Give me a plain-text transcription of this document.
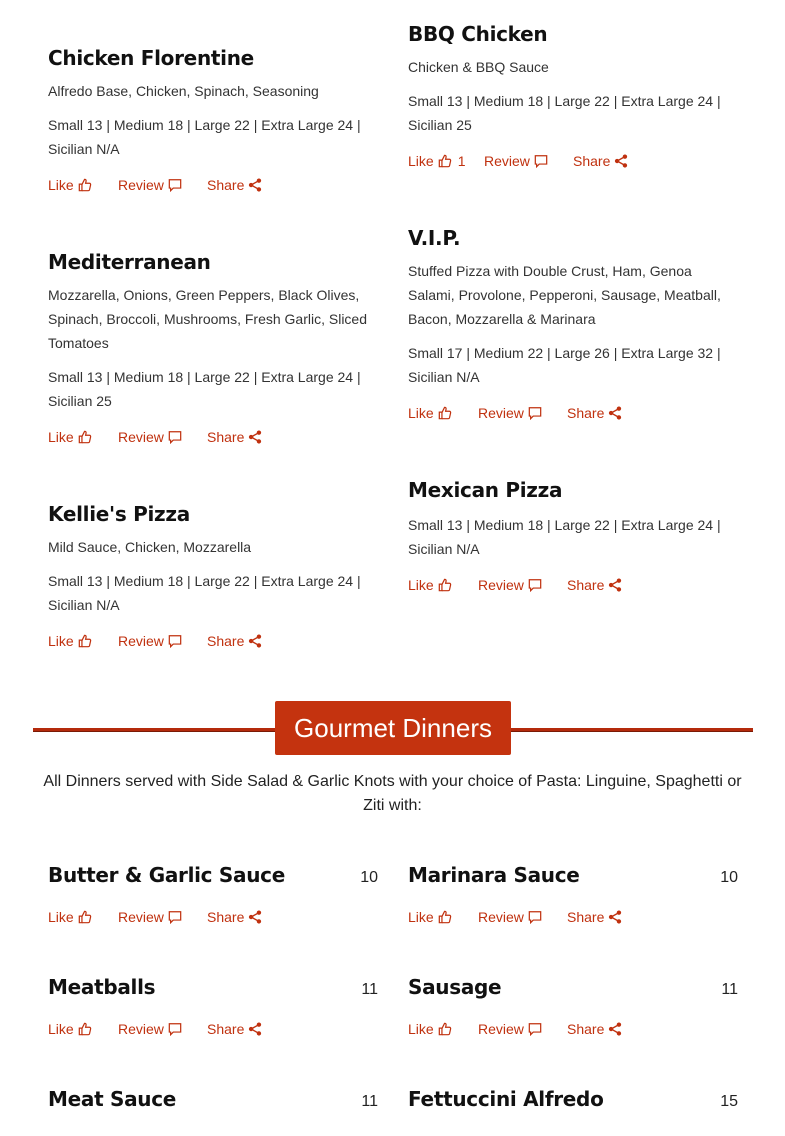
Chicken Florentine
Alfredo Base, Chicken, Spinach, Seasoning
Small 13 | Medium 18 | Large 22 | Extra Large 24 | Sicilian N/A
Like	Review	Share
BBQ Chicken
Chicken & BBQ Sauce
Small 13 | Medium 18 | Large 22 | Extra Large 24 | Sicilian 25
Like 1 Review	Share
Mediterranean
Mozzarella, Onions, Green Peppers, Black Olives, Spinach, Broccoli, Mushrooms, Fresh Garlic, Sliced Tomatoes
Small 13 | Medium 18 | Large 22 | Extra Large 24 | Sicilian 25
Like	Review	Share
V.I.P.
Stuffed Pizza with Double Crust, Ham, Genoa Salami, Provolone, Pepperoni, Sausage, Meatball, Bacon, Mozzarella & Marinara
Small 17 | Medium 22 | Large 26 | Extra Large 32 | Sicilian N/A
Like	Review	Share
Kellie's Pizza
Mild Sauce, Chicken, Mozzarella
Small 13 | Medium 18 | Large 22 | Extra Large 24 | Sicilian N/A
Like	Review	Share
Mexican Pizza
Small 13 | Medium 18 | Large 22 | Extra Large 24 | Sicilian N/A
Like	Review	Share
Gourmet Dinners
All Dinners served with Side Salad & Garlic Knots with your choice of Pasta: Linguine, Spaghetti or Ziti with:
Butter & Garlic Sauce	10
Like	Review	Share
Marinara Sauce	10
Like	Review	Share
Meatballs	11
Like	Review	Share
Sausage	11
Like	Review	Share
Meat Sauce	11 Fettuccini Alfredo	15
